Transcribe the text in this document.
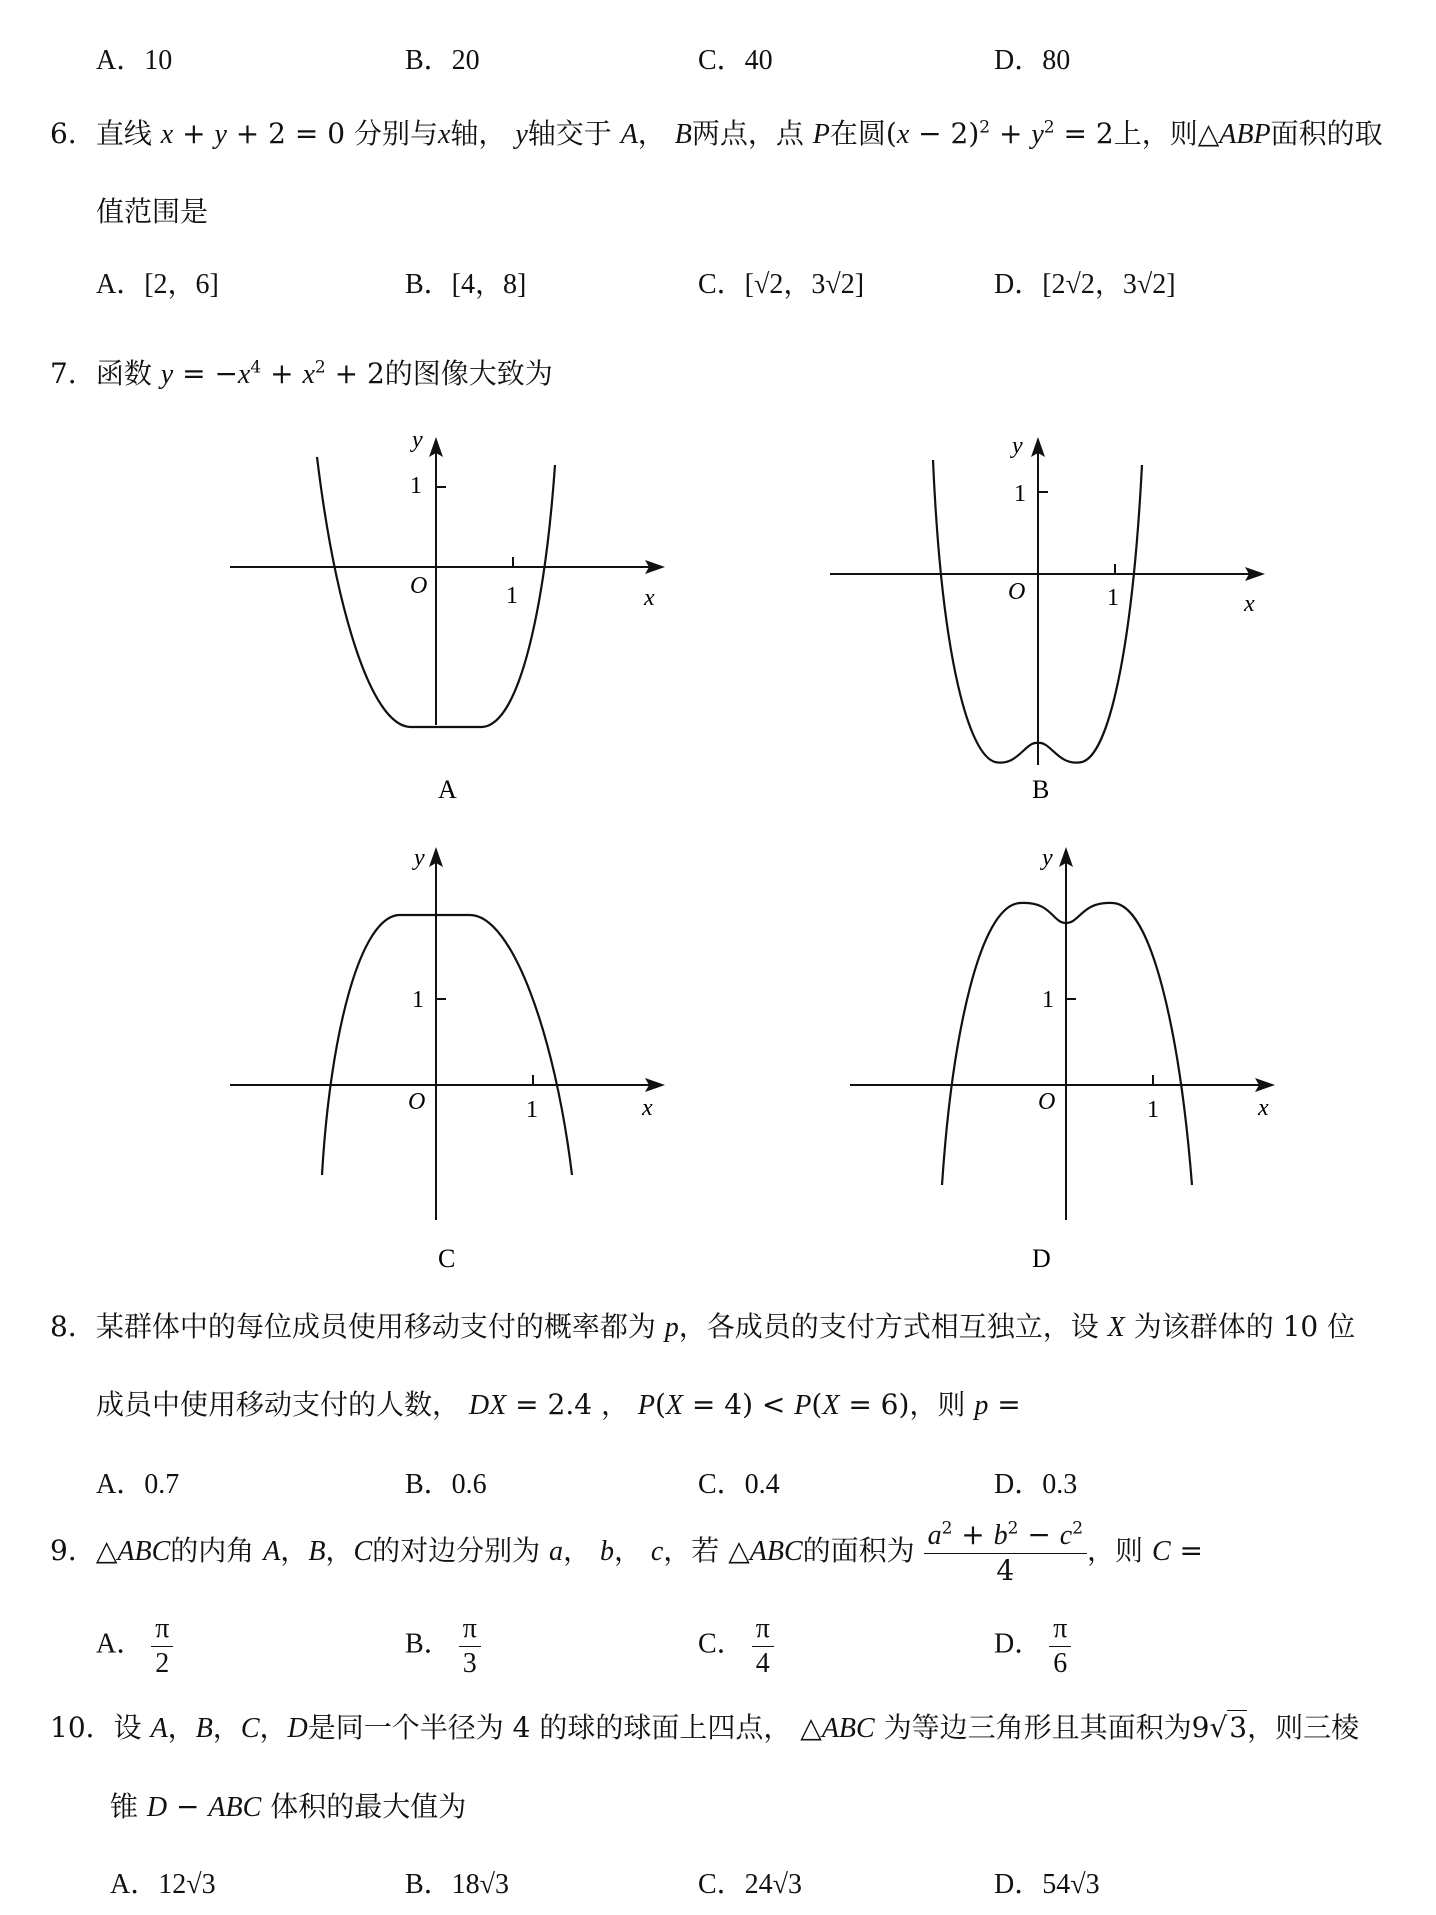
A．10	B．20	C．40	D．80
6．直线 x + y + 2 = 0 分别与x轴， y轴交于 A， B两点，点 P在圆$(x - 2)^2 + y^2 = 2$上，则△ABP面积的取
值范围是
A．[2，6]	B．[4，8]	C．[√2，3√2]	D．[2√2，3√2]
7．函数 $y = -x^4 + x^2 + 2$的图像大致为
y
1
O	1	x
A
y
1
O	1	x
B
y
1
O	1	x
C
y
1
O	1	x
D
8．某群体中的每位成员使用移动支付的概率都为 p，各成员的支付方式相互独立，设 X 为该群体的 10 位
成员中使用移动支付的人数， DX = 2.4 ， P(X = 4) < P(X = 6)，则 p =
A．0.7	B．0.6	C．0.4	D．0.3
9．△ABC的内角 A，B，C的对边分别为 a， b， c，若 △ABC的面积为 $\frac{a^2 + b^2 - c^2}{4}$ ，则 C =
A． $\frac{\pi}{2}$	B． $\frac{\pi}{3}$	C． $\frac{\pi}{4}$	D． $\frac{\pi}{6}$
10．设 A，B，C，D是同一个半径为 4 的球的球面上四点， △ABC 为等边三角形且其面积为9√3，则三棱
锥 D − ABC 体积的最大值为
A．12√3	B．18√3	C．24√3	D．54√3
